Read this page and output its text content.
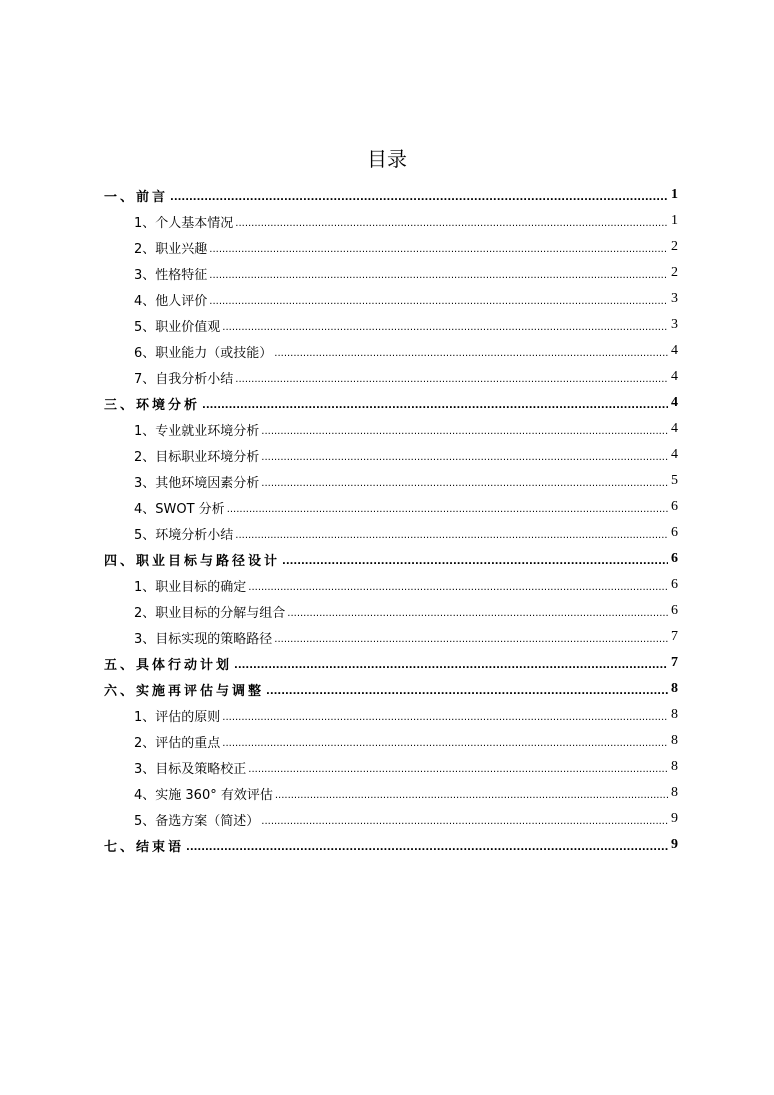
目录
一、前言 .....	1
1、个人基本情况 .....	1
2、职业兴趣 .....	2
3、性格特征 .....	2
4、他人评价 .....	3
5、职业价值观 .....	3
6、职业能力（或技能） .....	4
7、自我分析小结 .....	4
三、环境分析 .....	4
1、专业就业环境分析 .....	4
2、目标职业环境分析 .....	4
3、其他环境因素分析 .....	5
4、SWOT 分析 .....	6
5、环境分析小结 .....	6
四、职业目标与路径设计 .....	6
1、职业目标的确定 .....	6
2、职业目标的分解与组合 .....	6
3、目标实现的策略路径 .....	7
五、具体行动计划 .....	7
六、实施再评估与调整 .....	8
1、评估的原则 .....	8
2、评估的重点 .....	8
3、目标及策略校正 .....	8
4、实施 360° 有效评估 .....	8
5、备选方案（简述） .....	9
七、结束语 .....	9
